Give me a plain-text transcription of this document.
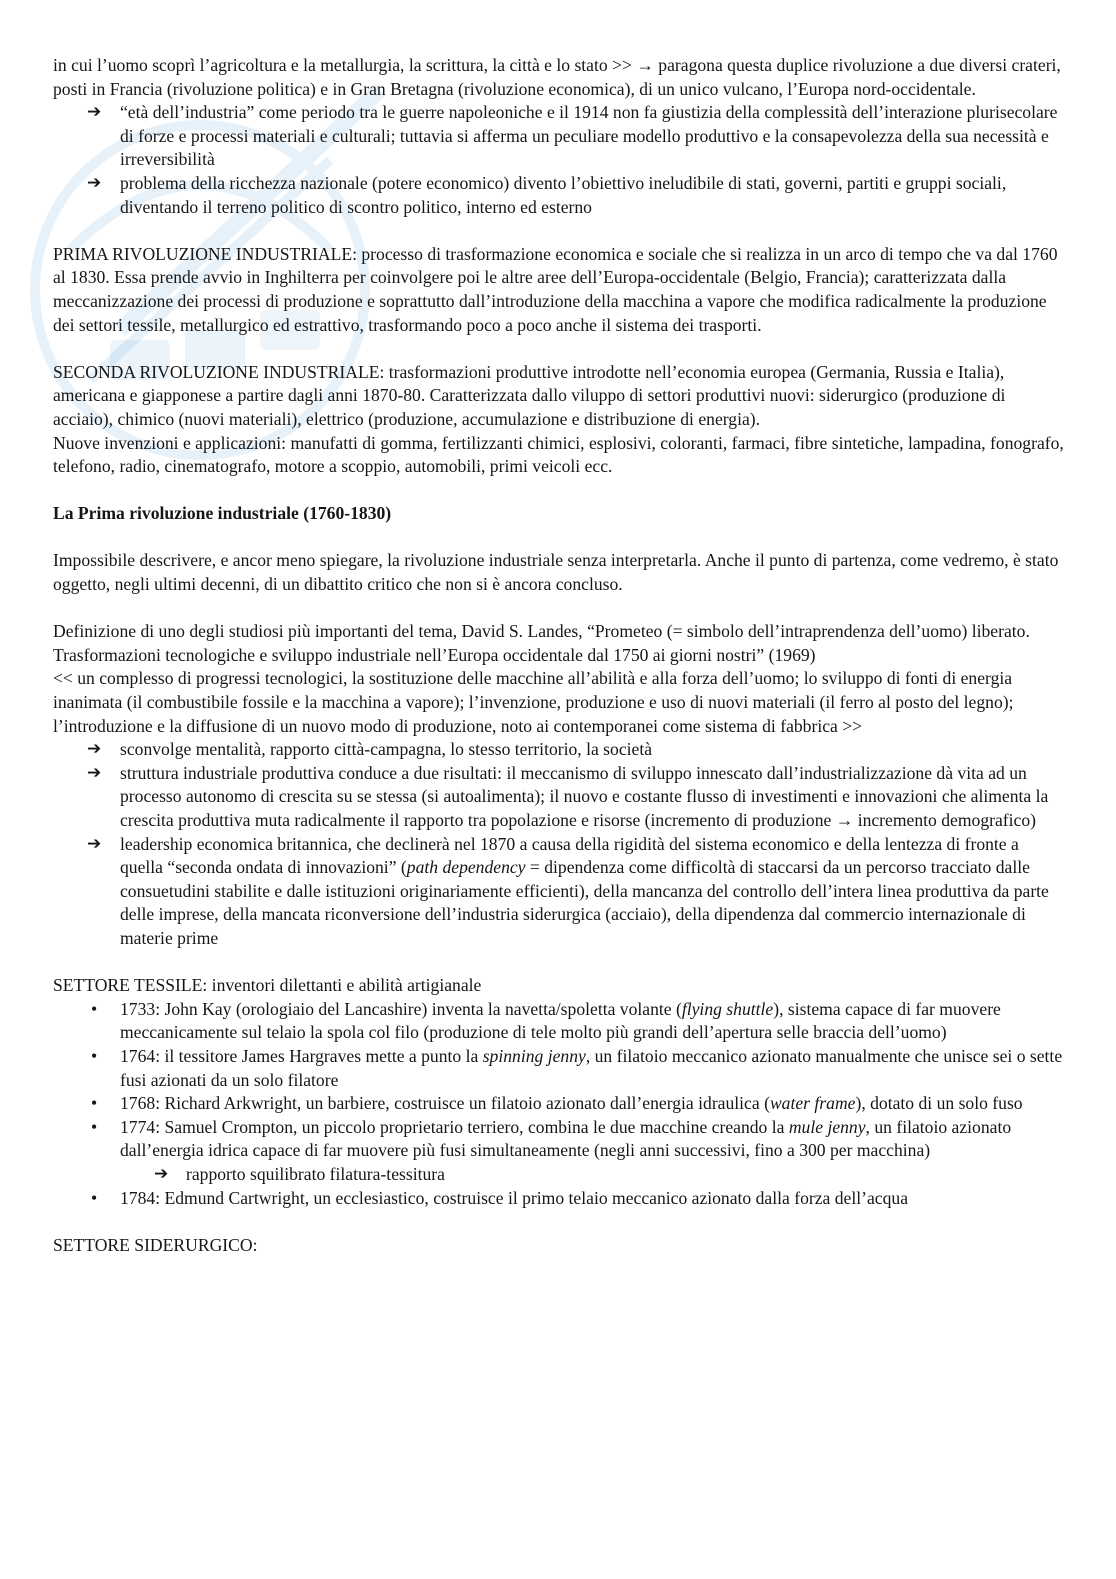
in cui l’uomo scoprì l’agricoltura e la metallurgia, la scrittura, la città e lo stato >> → paragona questa duplice rivoluzione a due diversi crateri, posti in Francia (rivoluzione politica) e in Gran Bretagna (rivoluzione economica), di un unico vulcano, l’Europa nord-occidentale.

➔ “età dell’industria” come periodo tra le guerre napoleoniche e il 1914 non fa giustizia della complessità dell’interazione plurisecolare di forze e processi materiali e culturali; tuttavia si afferma un peculiare modello produttivo e la consapevolezza della sua necessità e irreversibilità
➔ problema della ricchezza nazionale (potere economico) divento l’obiettivo ineludibile di stati, governi, partiti e gruppi sociali, diventando il terreno politico di scontro politico, interno ed esterno

PRIMA RIVOLUZIONE INDUSTRIALE: processo di trasformazione economica e sociale che si realizza in un arco di tempo che va dal 1760 al 1830. Essa prende avvio in Inghilterra per coinvolgere poi le altre aree dell’Europa-occidentale (Belgio, Francia); caratterizzata dalla meccanizzazione dei processi di produzione e soprattutto dall’introduzione della macchina a vapore che modifica radicalmente la produzione dei settori tessile, metallurgico ed estrattivo, trasformando poco a poco anche il sistema dei trasporti.

SECONDA RIVOLUZIONE INDUSTRIALE: trasformazioni produttive introdotte nell’economia europea (Germania, Russia e Italia), americana e giapponese a partire dagli anni 1870-80. Caratterizzata dallo viluppo di settori produttivi nuovi: siderurgico (produzione di acciaio), chimico (nuovi materiali), elettrico (produzione, accumulazione e distribuzione di energia).

Nuove invenzioni e applicazioni: manufatti di gomma, fertilizzanti chimici, esplosivi, coloranti, farmaci, fibre sintetiche, lampadina, fonografo, telefono, radio, cinematografo, motore a scoppio, automobili, primi veicoli ecc.

La Prima rivoluzione industriale (1760-1830)

Impossibile descrivere, e ancor meno spiegare, la rivoluzione industriale senza interpretarla. Anche il punto di partenza, come vedremo, è stato oggetto, negli ultimi decenni, di un dibattito critico che non si è ancora concluso.

Definizione di uno degli studiosi più importanti del tema, David S. Landes, “Prometeo (= simbolo dell’intraprendenza dell’uomo) liberato. Trasformazioni tecnologiche e sviluppo industriale nell’Europa occidentale dal 1750 ai giorni nostri” (1969)

<< un complesso di progressi tecnologici, la sostituzione delle macchine all’abilità e alla forza dell’uomo; lo sviluppo di fonti di energia inanimata (il combustibile fossile e la macchina a vapore); l’invenzione, produzione e uso di nuovi materiali (il ferro al posto del legno); l’introduzione e la diffusione di un nuovo modo di produzione, noto ai contemporanei come sistema di fabbrica >>

➔ sconvolge mentalità, rapporto città-campagna, lo stesso territorio, la società
➔ struttura industriale produttiva conduce a due risultati: il meccanismo di sviluppo innescato dall’industrializzazione dà vita ad un processo autonomo di crescita su se stessa (si autoalimenta); il nuovo e costante flusso di investimenti e innovazioni che alimenta la crescita produttiva muta radicalmente il rapporto tra popolazione e risorse (incremento di produzione → incremento demografico)
➔ leadership economica britannica, che declinerà nel 1870 a causa della rigidità del sistema economico e della lentezza di fronte a quella “seconda ondata di innovazioni” (path dependency = dipendenza come difficoltà di staccarsi da un percorso tracciato dalle consuetudini stabilite e dalle istituzioni originariamente efficienti), della mancanza del controllo dell’intera linea produttiva da parte delle imprese, della mancata riconversione dell’industria siderurgica (acciaio), della dipendenza dal commercio internazionale di materie prime

SETTORE TESSILE: inventori dilettanti e abilità artigianale

• 1733: John Kay (orologiaio del Lancashire) inventa la navetta/spoletta volante (flying shuttle), sistema capace di far muovere meccanicamente sul telaio la spola col filo (produzione di tele molto più grandi dell’apertura selle braccia dell’uomo)
• 1764: il tessitore James Hargraves mette a punto la spinning jenny, un filatoio meccanico azionato manualmente che unisce sei o sette fusi azionati da un solo filatore
• 1768: Richard Arkwright, un barbiere, costruisce un filatoio azionato dall’energia idraulica (water frame), dotato di un solo fuso
• 1774: Samuel Crompton, un piccolo proprietario terriero, combina le due macchine creando la mule jenny, un filatoio azionato dall’energia idrica capace di far muovere più fusi simultaneamente (negli anni successivi, fino a 300 per macchina)
➔ rapporto squilibrato filatura-tessitura
• 1784: Edmund Cartwright, un ecclesiastico, costruisce il primo telaio meccanico azionato dalla forza dell’acqua

SETTORE SIDERURGICO:
